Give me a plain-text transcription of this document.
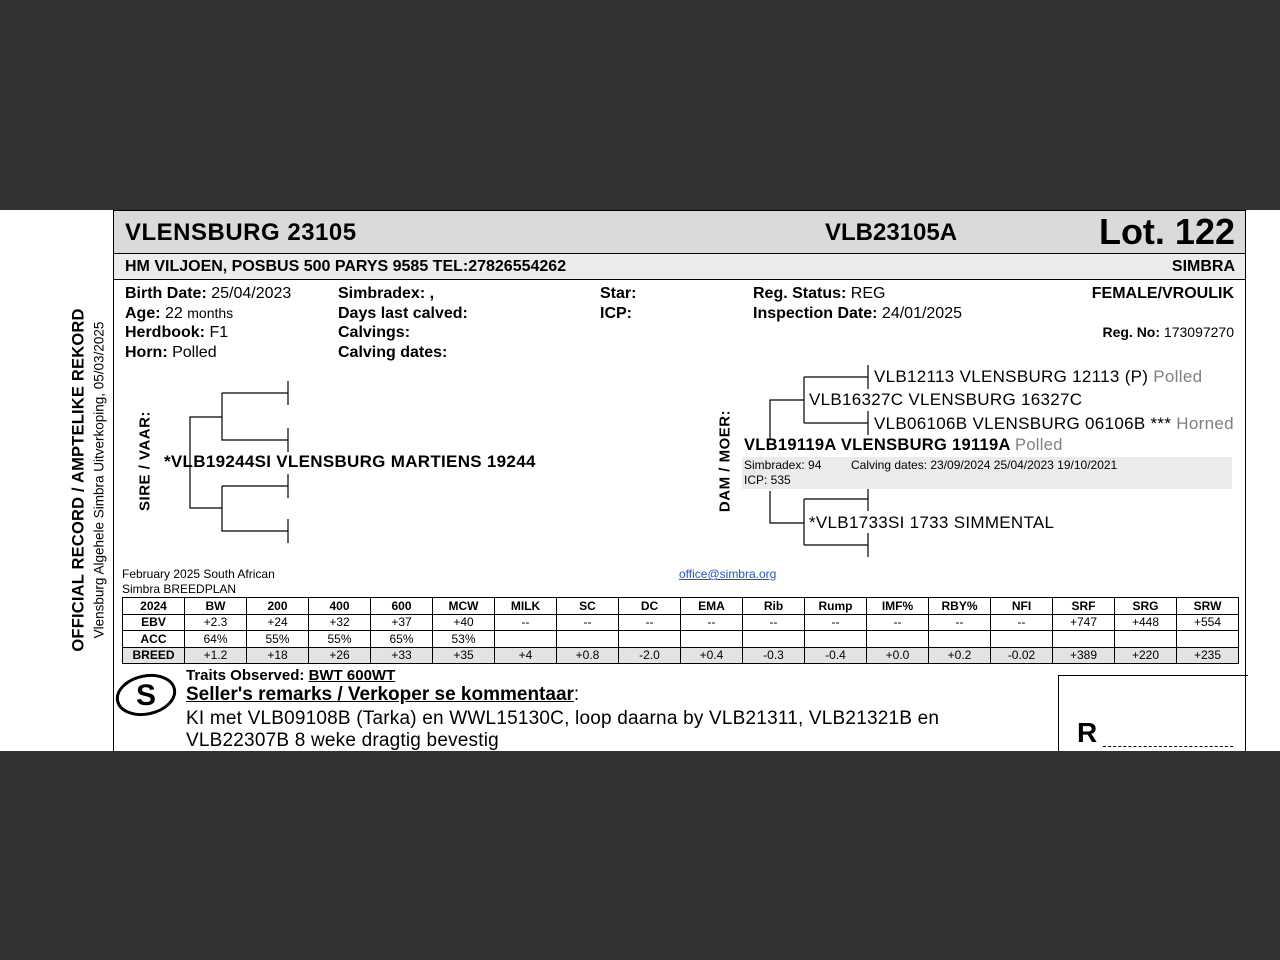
OFFICIAL RECORD / AMPTELIKE REKORD Vlensburg Algehele Simbra Uitverkoping, 05/03/2025
VLENSBURG 23105	VLB23105A	Lot. 122
HM VILJOEN, POSBUS 500 PARYS 9585 TEL:27826554262	SIMBRA
Birth Date: 25/04/2023
Age: 22 months
Herdbook: F1
Horn: Polled
Simbradex: ,
Days last calved:
Calvings:
Calving dates:
Star:
ICP:
Reg. Status: REG
Inspection Date: 24/01/2025
FEMALE/VROULIK
Reg. No: 173097270
SIRE / VAAR:	DAM / MOER:
*VLB19244SI VLENSBURG MARTIENS 19244
VLB12113 VLENSBURG 12113 (P) Polled
VLB16327C VLENSBURG 16327C
VLB06106B VLENSBURG 06106B *** Horned
VLB19119A VLENSBURG 19119A Polled
Simbradex: 94 Calving dates: 23/09/2024 25/04/2023 19/10/2021
ICP: 535
*VLB1733SI 1733 SIMMENTAL
February 2025 South African
Simbra BREEDPLAN
office@simbra.org
2024	BW	200	400	600	MCW	MILK	SC	DC	EMA	Rib	Rump	IMF%	RBY%	NFI	SRF	SRG	SRW
EBV	+2.3	+24	+32	+37	+40	--	--	--	--	--	--	--	--	--	+747	+448	+554
ACC	64%	55%	55%	65%	53%												
BREED	+1.2	+18	+26	+33	+35	+4	+0.8	-2.0	+0.4	-0.3	-0.4	+0.0	+0.2	-0.02	+389	+220	+235
S
Traits Observed: BWT 600WT
Seller's remarks / Verkoper se kommentaar:
KI met VLB09108B (Tarka) en WWL15130C, loop daarna by VLB21311, VLB21321B en VLB22307B 8 weke dragtig bevestig	R
